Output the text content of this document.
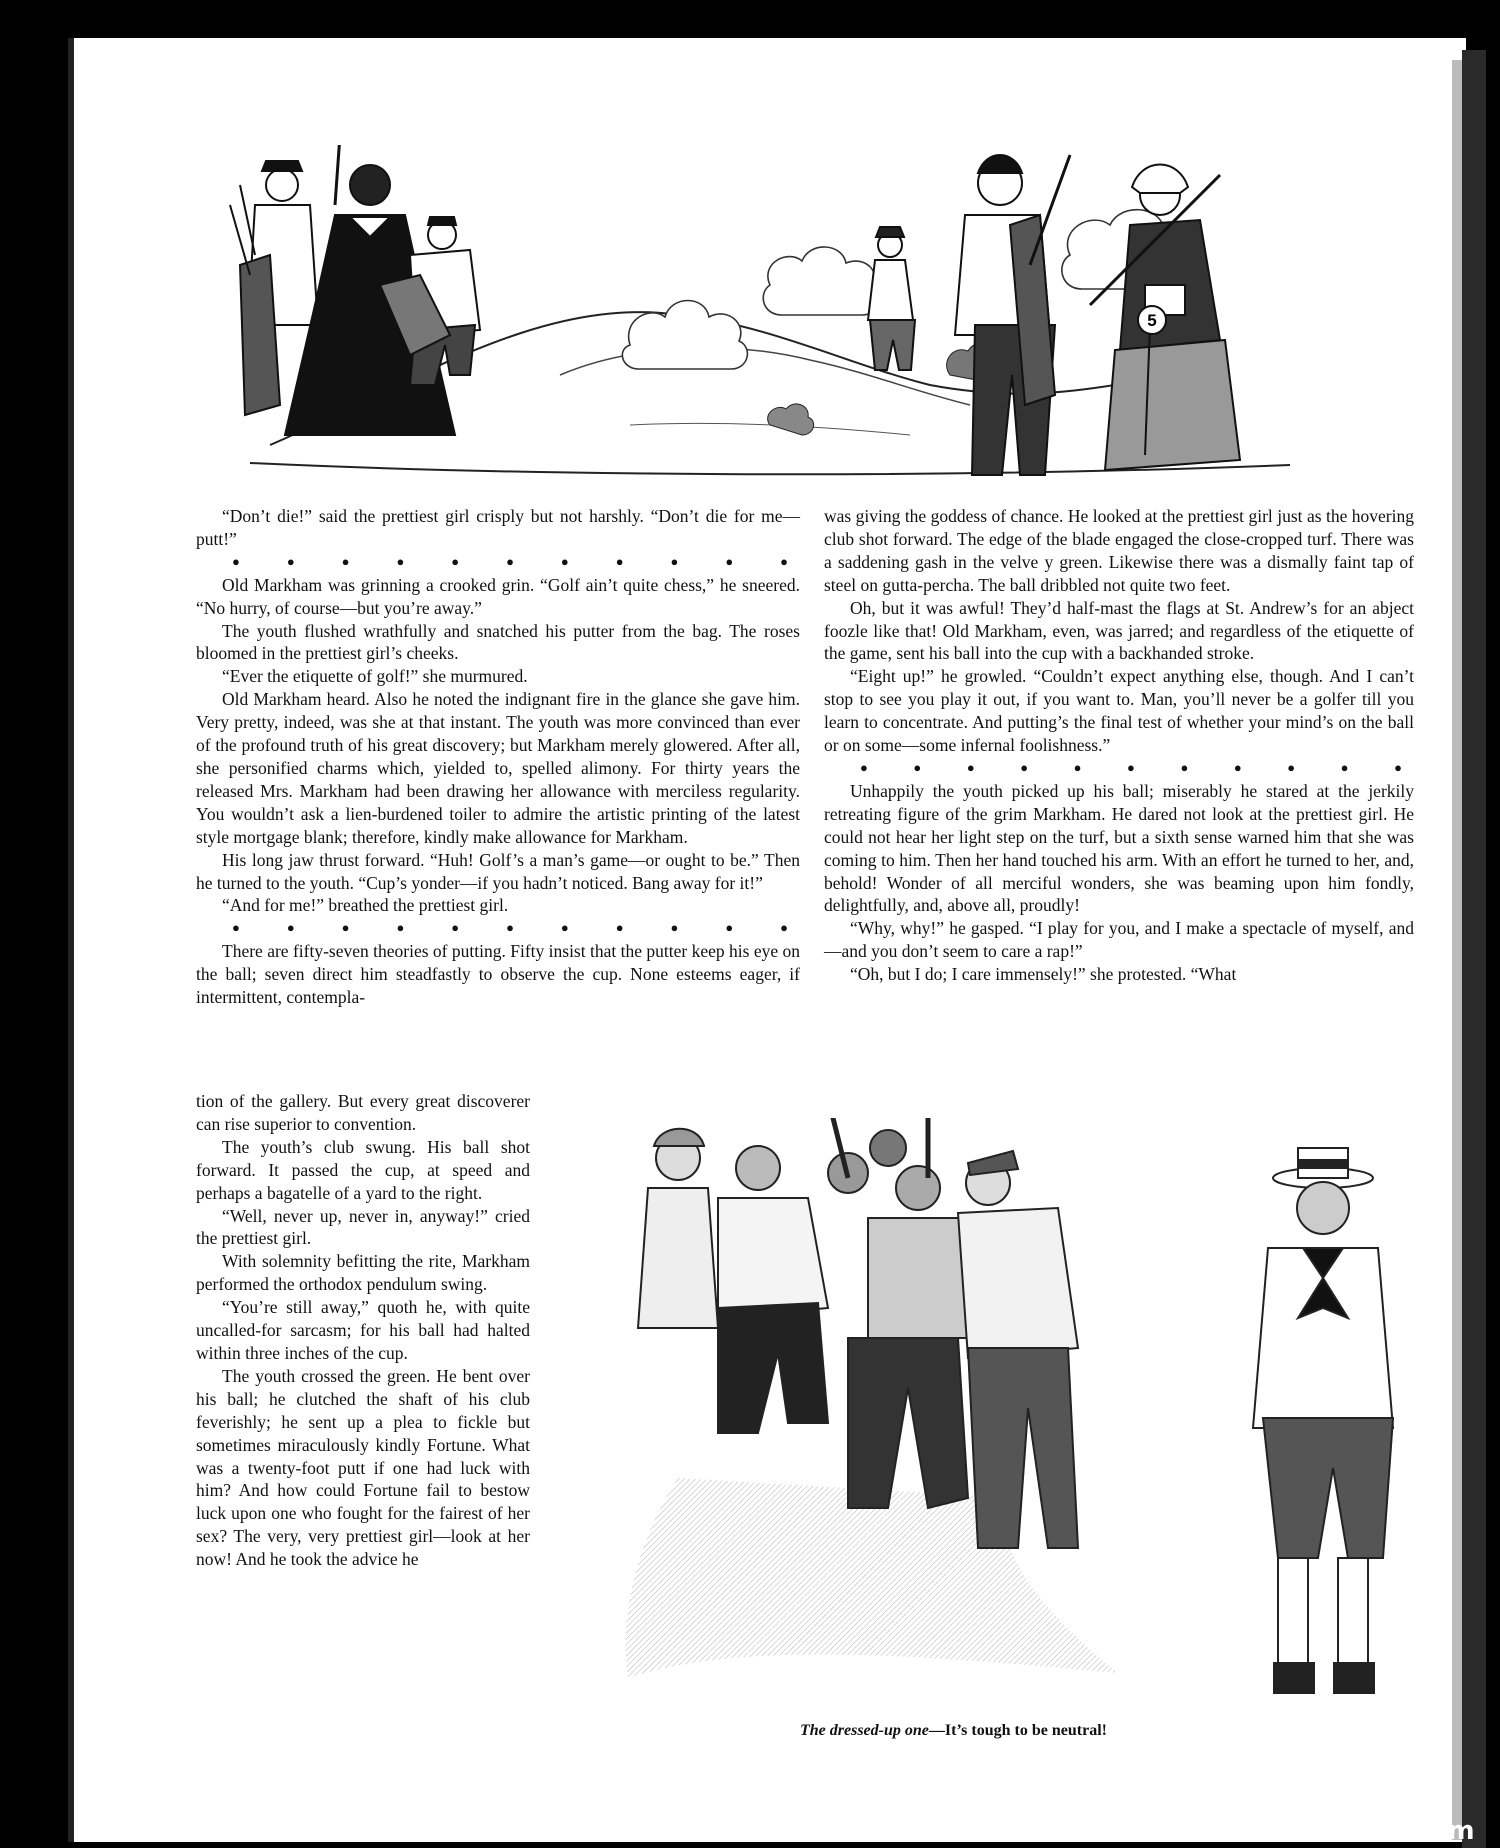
5

“Don’t die!” said the prettiest girl crisply but not harshly. “Don’t die for me—putt!”

●	●	●	●	●	●	●	●	●	●	●

Old Markham was grinning a crooked grin. “Golf ain’t quite chess,” he sneered. “No hurry, of course—but you’re away.”

The youth flushed wrathfully and snatched his putter from the bag. The roses bloomed in the prettiest girl’s cheeks.

“Ever the etiquette of golf!” she murmured.

Old Markham heard. Also he noted the indignant fire in the glance she gave him. Very pretty, indeed, was she at that instant. The youth was more convinced than ever of the profound truth of his great discovery; but Markham merely glowered. After all, she personified charms which, yielded to, spelled alimony. For thirty years the released Mrs. Markham had been drawing her allowance with merciless regularity. You wouldn’t ask a lien-burdened toiler to admire the artistic printing of the latest style mortgage blank; therefore, kindly make allowance for Markham.

His long jaw thrust forward. “Huh! Golf’s a man’s game—or ought to be.” Then he turned to the youth. “Cup’s yonder—if you hadn’t noticed. Bang away for it!”

“And for me!” breathed the prettiest girl.

●	●	●	●	●	●	●	●	●	●	●

There are fifty-seven theories of putting. Fifty insist that the putter keep his eye on the ball; seven direct him steadfastly to observe the cup. None esteems eager, if intermittent, contempla-

tion of the gallery. But every great discoverer can rise superior to convention.

The youth’s club swung. His ball shot forward. It passed the cup, at speed and perhaps a bagatelle of a yard to the right.

“Well, never up, never in, anyway!” cried the prettiest girl.

With solemnity befitting the rite, Markham performed the orthodox pendulum swing.

“You’re still away,” quoth he, with quite uncalled-for sarcasm; for his ball had halted within three inches of the cup.

The youth crossed the green. He bent over his ball; he clutched the shaft of his club feverishly; he sent up a plea to fickle but sometimes miraculously kindly Fortune. What was a twenty-foot putt if one had luck with him? And how could Fortune fail to bestow luck upon one who fought for the fairest of her sex? The very, very prettiest girl—look at her now! And he took the advice he

was giving the goddess of chance. He looked at the prettiest girl just as the hovering club shot forward. The edge of the blade engaged the close-cropped turf. There was a saddening gash in the velve y green. Likewise there was a dismally faint tap of steel on gutta-percha. The ball dribbled not quite two feet.

Oh, but it was awful! They’d half-mast the flags at St. Andrew’s for an abject foozle like that! Old Markham, even, was jarred; and regardless of the etiquette of the game, sent his ball into the cup with a backhanded stroke.

“Eight up!” he growled. “Couldn’t expect anything else, though. And I can’t stop to see you play it out, if you want to. Man, you’ll never be a golfer till you learn to concentrate. And putting’s the final test of whether your mind’s on the ball or on some—some infernal foolishness.”

●	●	●	●	●	●	●	●	●	●	●

Unhappily the youth picked up his ball; miserably he stared at the jerkily retreating figure of the grim Markham. He dared not look at the prettiest girl. He could not hear her light step on the turf, but a sixth sense warned him that she was coming to him. Then her hand touched his arm. With an effort he turned to her, and, behold! Wonder of all merciful wonders, she was beaming upon him fondly, delightfully, and, above all, proudly!

“Why, why!” he gasped. “I play for you, and I make a spectacle of myself, and—and you don’t seem to care a rap!”

“Oh, but I do; I care immensely!” she protested. “What

The dressed-up one—It’s tough to be neutral!
comicbooks.com
